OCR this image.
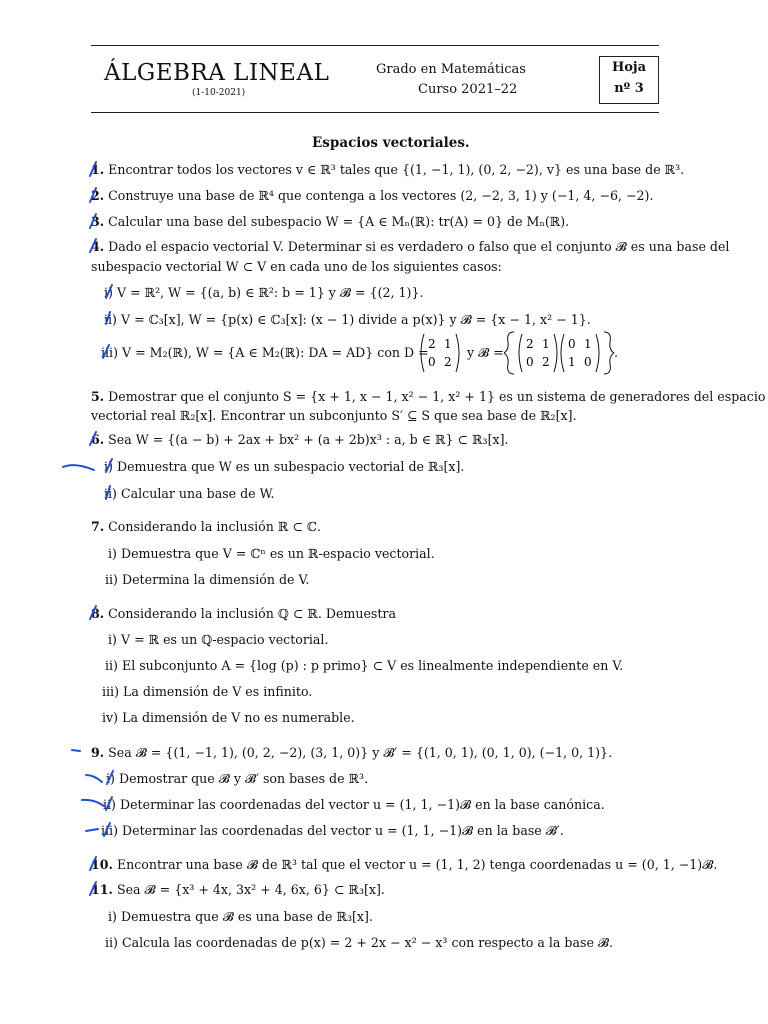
ÁLGEBRA LINEAL
(1-10-2021)
Grado en Matemáticas
Curso 2021–22
Hoja
nº 3
Espacios vectoriales.
1. Encontrar todos los vectores v ∈ ℝ³ tales que {(1, −1, 1), (0, 2, −2), v} es una base de ℝ³.
2. Construye una base de ℝ⁴ que contenga a los vectores (2, −2, 3, 1) y (−1, 4, −6, −2).
3. Calcular una base del subespacio W = {A ∈ Mₙ(ℝ): tr(A) = 0} de Mₙ(ℝ).
4. Dado el espacio vectorial V. Determinar si es verdadero o falso que el conjunto 𝓑 es una base del
subespacio vectorial W ⊂ V en cada uno de los siguientes casos:
i) V = ℝ², W = {(a, b) ∈ ℝ²: b = 1} y 𝓑 = {(2, 1)}.
ii) V = ℂ₃[x], W = {p(x) ∈ ℂ₃[x]: (x − 1) divide a p(x)} y 𝓑 = {x − 1, x² − 1}.
iii) V = M₂(ℝ), W = {A ∈ M₂(ℝ): DA = AD} con D =
2 1
0 2
y 𝓑 =
2 1
0 2
0 1
1 0
.
5. Demostrar que el conjunto S = {x + 1, x − 1, x² − 1, x² + 1} es un sistema de generadores del espacio
vectorial real ℝ₂[x]. Encontrar un subconjunto S′ ⊆ S que sea base de ℝ₂[x].
6. Sea W = {(a − b) + 2ax + bx² + (a + 2b)x³ : a, b ∈ ℝ} ⊂ ℝ₃[x].
i) Demuestra que W es un subespacio vectorial de ℝ₃[x].
ii) Calcular una base de W.
7. Considerando la inclusión ℝ ⊂ ℂ.
i) Demuestra que V = ℂⁿ es un ℝ-espacio vectorial.
ii) Determina la dimensión de V.
8. Considerando la inclusión ℚ ⊂ ℝ. Demuestra
i) V = ℝ es un ℚ-espacio vectorial.
ii) El subconjunto A = {log (p) : p primo} ⊂ V es linealmente independiente en V.
iii) La dimensión de V es infinito.
iv) La dimensión de V no es numerable.
9. Sea 𝓑 = {(1, −1, 1), (0, 2, −2), (3, 1, 0)} y 𝓑′ = {(1, 0, 1), (0, 1, 0), (−1, 0, 1)}.
i) Demostrar que 𝓑 y 𝓑′ son bases de ℝ³.
ii) Determinar las coordenadas del vector u = (1, 1, −1)𝓑 en la base canónica.
iii) Determinar las coordenadas del vector u = (1, 1, −1)𝓑 en la base 𝓑′.
10. Encontrar una base 𝓑 de ℝ³ tal que el vector u = (1, 1, 2) tenga coordenadas u = (0, 1, −1)𝓑.
11. Sea 𝓑 = {x³ + 4x, 3x² + 4, 6x, 6} ⊂ ℝ₃[x].
i) Demuestra que 𝓑 es una base de ℝ₃[x].
ii) Calcula las coordenadas de p(x) = 2 + 2x − x² − x³ con respecto a la base 𝓑.
